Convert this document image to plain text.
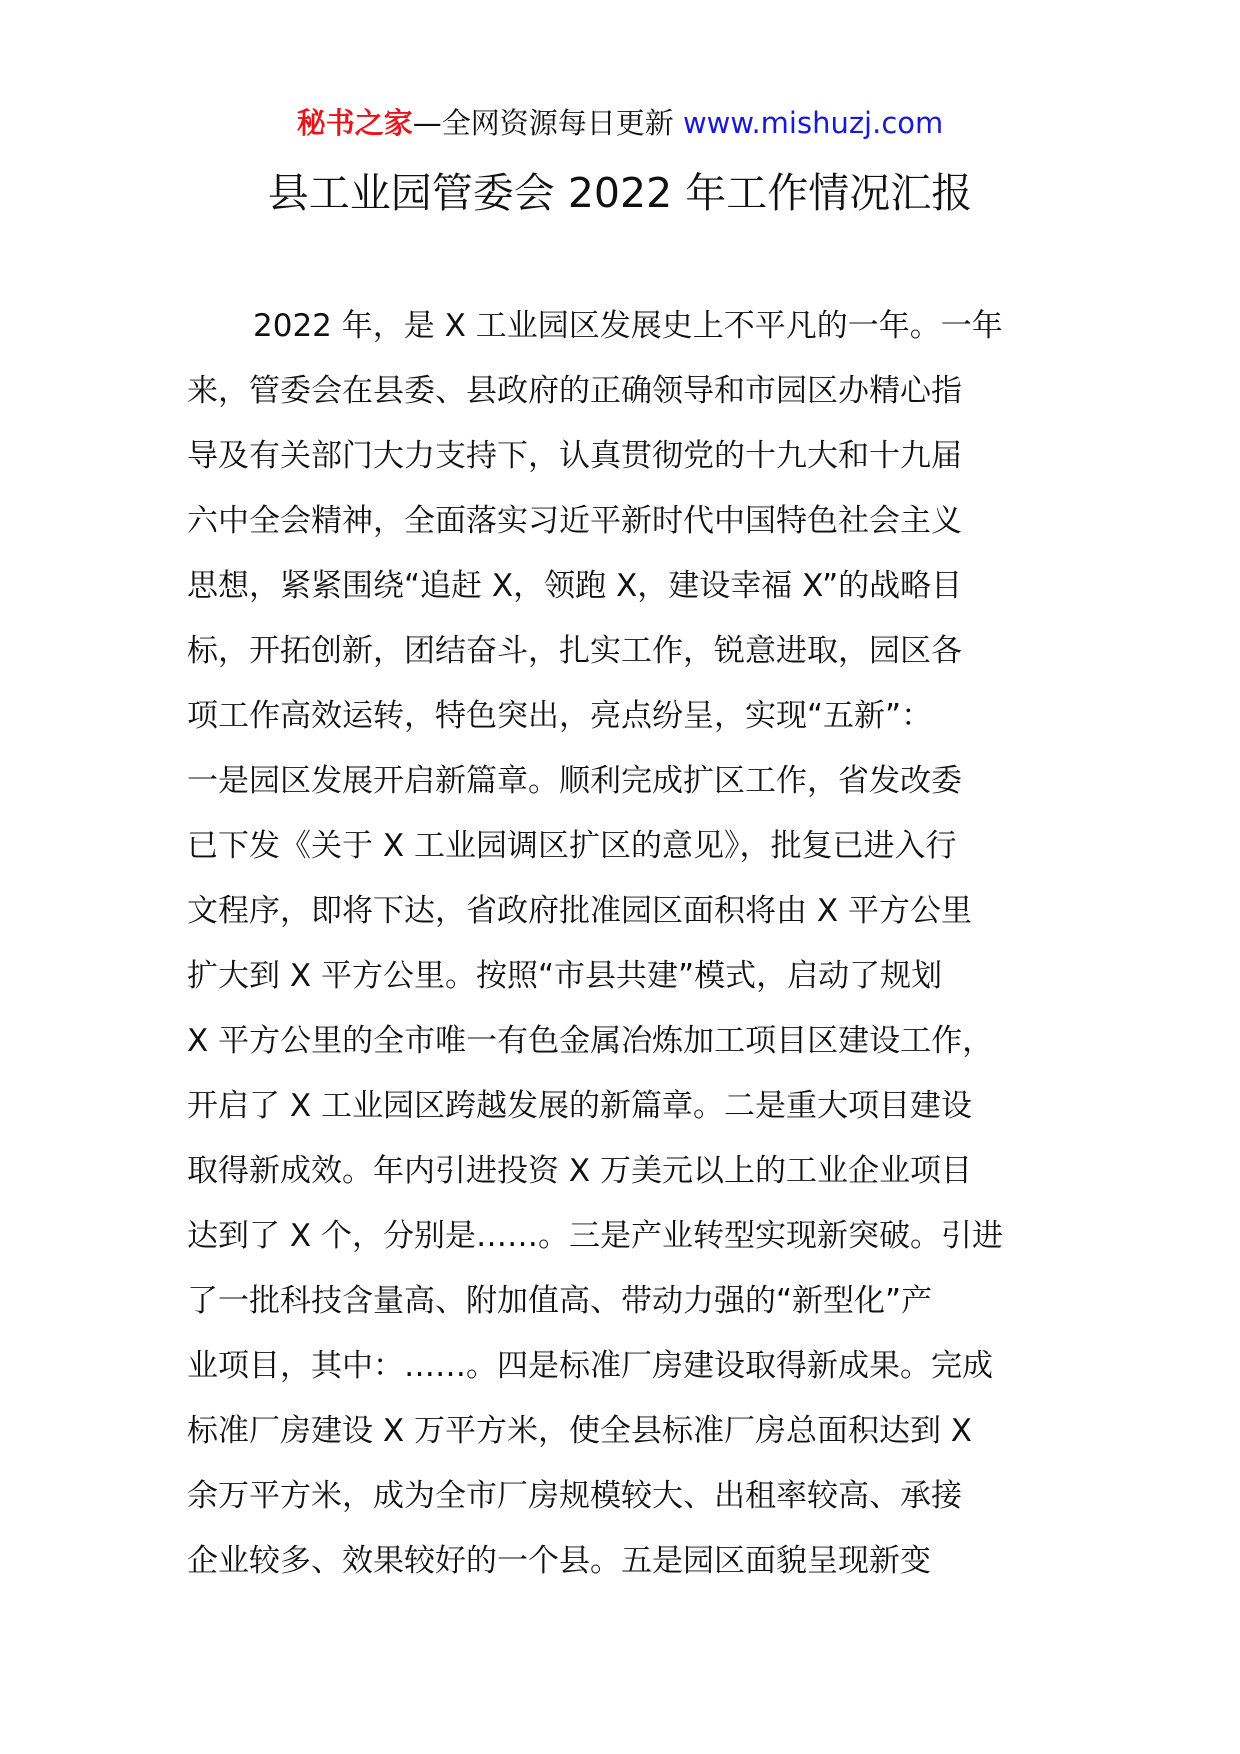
秘书之家—全网资源每日更新 www.mishuzj.com
县工业园管委会 2022 年工作情况汇报
2022 年，是 X 工业园区发展史上不平凡的一年。一年
来，管委会在县委、县政府的正确领导和市园区办精心指
导及有关部门大力支持下，认真贯彻党的十九大和十九届
六中全会精神，全面落实习近平新时代中国特色社会主义
思想，紧紧围绕“追赶 X，领跑 X，建设幸福 X”的战略目
标，开拓创新，团结奋斗，扎实工作，锐意进取，园区各
项工作高效运转，特色突出，亮点纷呈，实现“五新”：
一是园区发展开启新篇章。顺利完成扩区工作，省发改委
已下发《关于 X 工业园调区扩区的意见》，批复已进入行
文程序，即将下达，省政府批准园区面积将由 X 平方公里
扩大到 X 平方公里。按照“市县共建”模式，启动了规划
X 平方公里的全市唯一有色金属冶炼加工项目区建设工作，
开启了 X 工业园区跨越发展的新篇章。二是重大项目建设
取得新成效。年内引进投资 X 万美元以上的工业企业项目
达到了 X 个，分别是……。三是产业转型实现新突破。引进
了一批科技含量高、附加值高、带动力强的“新型化”产
业项目，其中：……。四是标准厂房建设取得新成果。完成
标准厂房建设 X 万平方米，使全县标准厂房总面积达到 X
余万平方米，成为全市厂房规模较大、出租率较高、承接
企业较多、效果较好的一个县。五是园区面貌呈现新变
